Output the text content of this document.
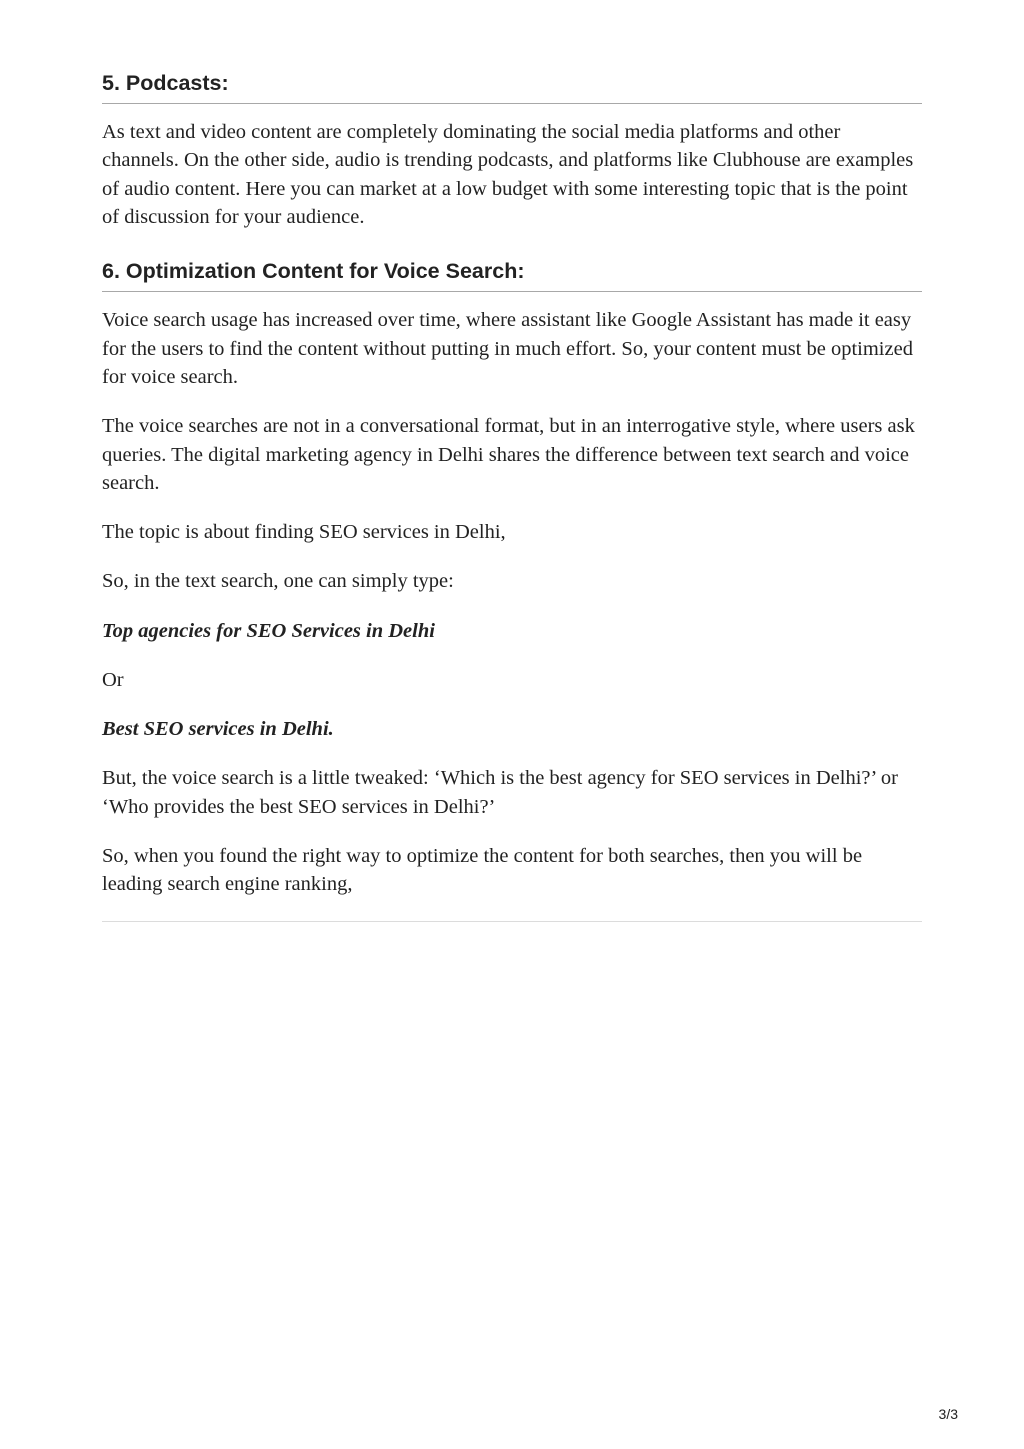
5. Podcasts:

As text and video content are completely dominating the social media platforms and other channels. On the other side, audio is trending podcasts, and platforms like Clubhouse are examples of audio content. Here you can market at a low budget with some interesting topic that is the point of discussion for your audience.

6. Optimization Content for Voice Search:

Voice search usage has increased over time, where assistant like Google Assistant has made it easy for the users to find the content without putting in much effort. So, your content must be optimized for voice search.

The voice searches are not in a conversational format, but in an interrogative style, where users ask queries. The digital marketing agency in Delhi shares the difference between text search and voice search.

The topic is about finding SEO services in Delhi,

So, in the text search, one can simply type:

Top agencies for SEO Services in Delhi

Or

Best SEO services in Delhi.

But, the voice search is a little tweaked: ‘Which is the best agency for SEO services in Delhi?’ or ‘Who provides the best SEO services in Delhi?’

So, when you found the right way to optimize the content for both searches, then you will be leading search engine ranking,

3/3
